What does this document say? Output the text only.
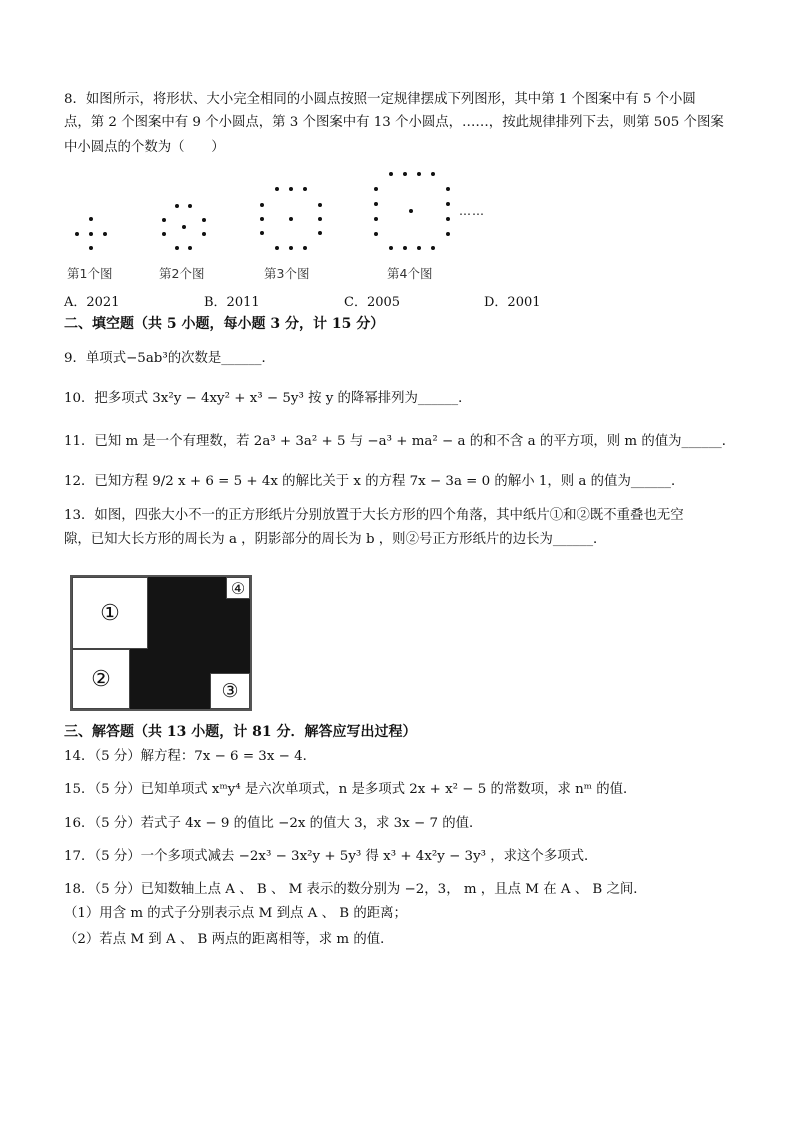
8．如图所示，将形状、大小完全相同的小圆点按照一定规律摆成下列图形，其中第 1 个图案中有 5 个小圆
点，第 2 个图案中有 9 个小圆点，第 3 个图案中有 13 个小圆点，……，按此规律排列下去，则第 505 个图案
中小圆点的个数为（　　）
……
第1个图	第2个图	第3个图	第4个图
A．2021	B．2011	C．2005	D．2001
二、填空题（共 5 小题，每小题 3 分，计 15 分）
9．单项式−5ab³的次数是______．
10．把多项式 3x²y − 4xy² + x³ − 5y³ 按 y 的降幂排列为______．
11．已知 m 是一个有理数，若 2a³ + 3a² + 5 与 −a³ + ma² − a 的和不含 a 的平方项，则 m 的值为______．
12．已知方程 9/2 x + 6 = 5 + 4x 的解比关于 x 的方程 7x − 3a = 0 的解小 1，则 a 的值为______．
13．如图，四张大小不一的正方形纸片分别放置于大长方形的四个角落，其中纸片①和②既不重叠也无空
隙，已知大长方形的周长为 a ，阴影部分的周长为 b ，则②号正方形纸片的边长为______．
①
②	③
④
三、解答题（共 13 小题，计 81 分．解答应写出过程）
14．（5 分）解方程：7x − 6 = 3x − 4．
15．（5 分）已知单项式 xᵐy⁴ 是六次单项式，n 是多项式 2x + x² − 5 的常数项，求 nᵐ 的值．
16．（5 分）若式子 4x − 9 的值比 −2x 的值大 3，求 3x − 7 的值．
17．（5 分）一个多项式减去 −2x³ − 3x²y + 5y³ 得 x³ + 4x²y − 3y³ ，求这个多项式．
18．（5 分）已知数轴上点 A 、 B 、 M 表示的数分别为 −2，3， m ，且点 M 在 A 、 B 之间．
（1）用含 m 的式子分别表示点 M 到点 A 、 B 的距离；
（2）若点 M 到 A 、 B 两点的距离相等，求 m 的值．
